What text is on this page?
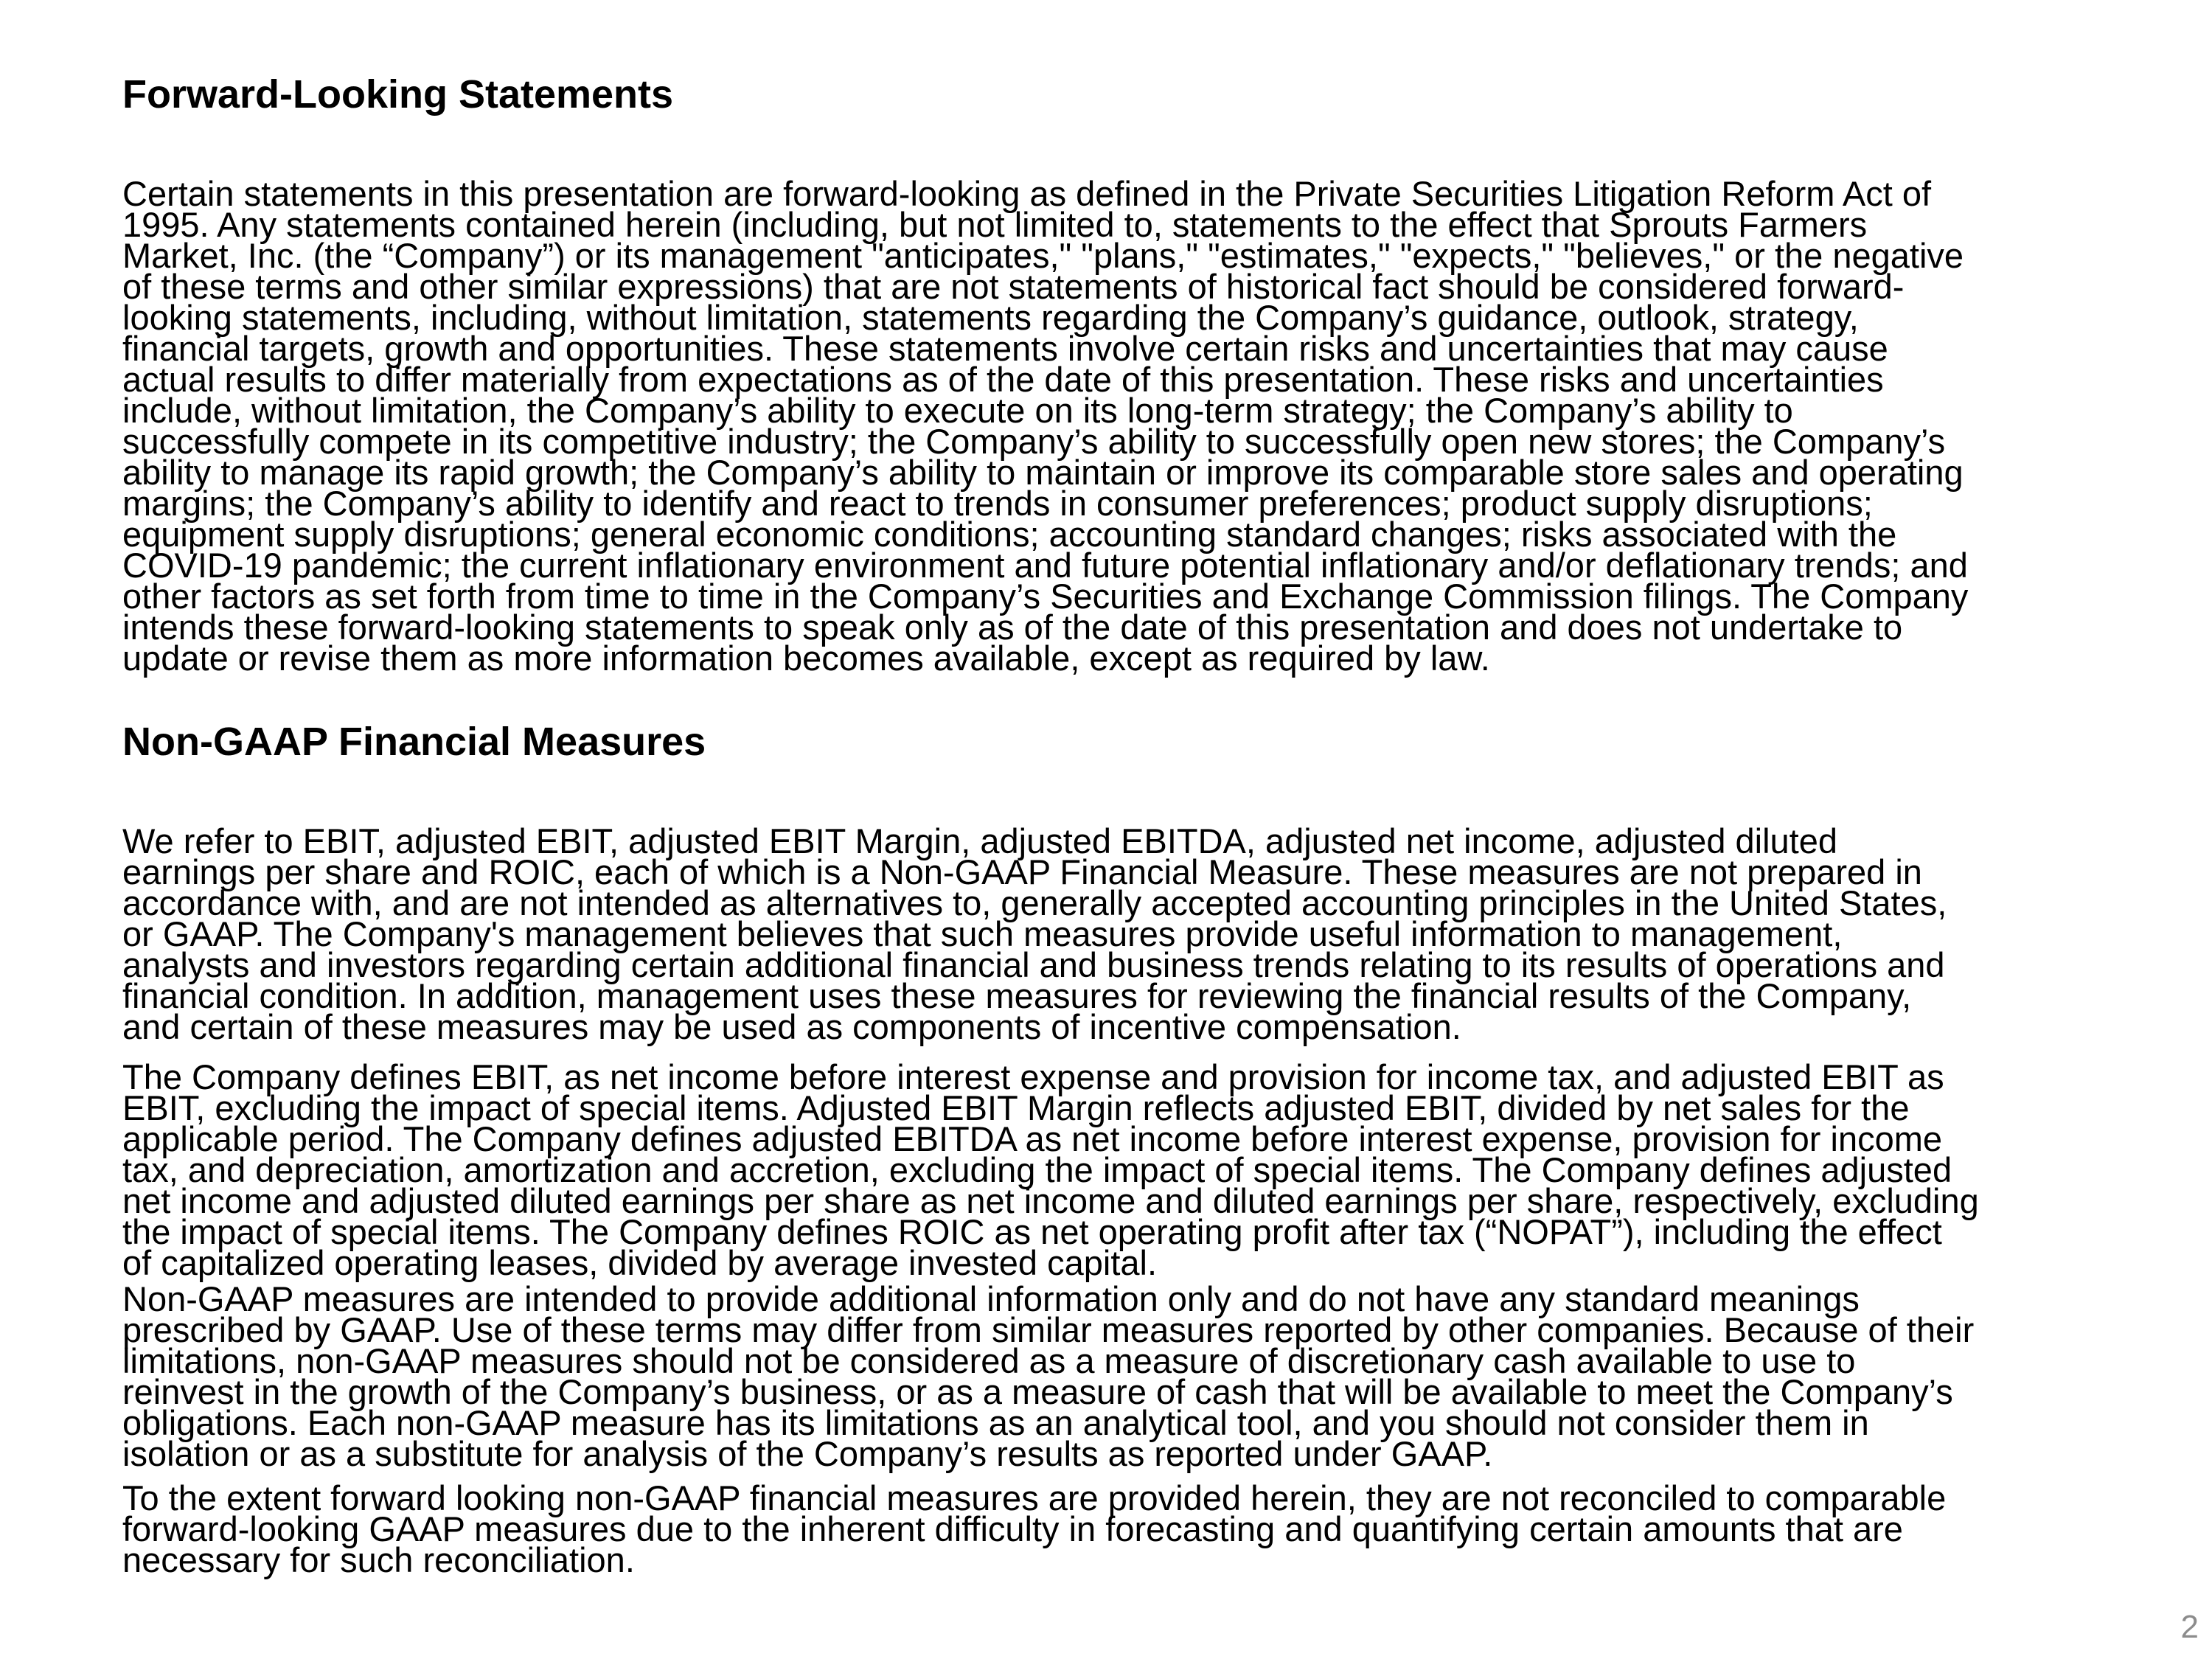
Forward-Looking Statements
Certain statements in this presentation are forward-looking as defined in the Private Securities Litigation Reform Act of
1995. Any statements contained herein (including, but not limited to, statements to the effect that Sprouts Farmers
Market, Inc. (the “Company”) or its management "anticipates," "plans," "estimates," "expects," "believes," or the negative
of these terms and other similar expressions) that are not statements of historical fact should be considered forward-
looking statements, including, without limitation, statements regarding the Company’s guidance, outlook, strategy,
financial targets, growth and opportunities. These statements involve certain risks and uncertainties that may cause
actual results to differ materially from expectations as of the date of this presentation. These risks and uncertainties
include, without limitation, the Company’s ability to execute on its long-term strategy; the Company’s ability to
successfully compete in its competitive industry; the Company’s ability to successfully open new stores; the Company’s
ability to manage its rapid growth; the Company’s ability to maintain or improve its comparable store sales and operating
margins; the Company’s ability to identify and react to trends in consumer preferences; product supply disruptions;
equipment supply disruptions; general economic conditions; accounting standard changes; risks associated with the
COVID-19 pandemic; the current inflationary environment and future potential inflationary and/or deflationary trends; and
other factors as set forth from time to time in the Company’s Securities and Exchange Commission filings. The Company
intends these forward-looking statements to speak only as of the date of this presentation and does not undertake to
update or revise them as more information becomes available, except as required by law.
Non-GAAP Financial Measures
We refer to EBIT, adjusted EBIT, adjusted EBIT Margin, adjusted EBITDA, adjusted net income, adjusted diluted
earnings per share and ROIC, each of which is a Non-GAAP Financial Measure. These measures are not prepared in
accordance with, and are not intended as alternatives to, generally accepted accounting principles in the United States,
or GAAP. The Company's management believes that such measures provide useful information to management,
analysts and investors regarding certain additional financial and business trends relating to its results of operations and
financial condition. In addition, management uses these measures for reviewing the financial results of the Company,
and certain of these measures may be used as components of incentive compensation.
The Company defines EBIT, as net income before interest expense and provision for income tax, and adjusted EBIT as
EBIT, excluding the impact of special items. Adjusted EBIT Margin reflects adjusted EBIT, divided by net sales for the
applicable period. The Company defines adjusted EBITDA as net income before interest expense, provision for income
tax, and depreciation, amortization and accretion, excluding the impact of special items. The Company defines adjusted
net income and adjusted diluted earnings per share as net income and diluted earnings per share, respectively, excluding
the impact of special items. The Company defines ROIC as net operating profit after tax (“NOPAT”), including the effect
of capitalized operating leases, divided by average invested capital.
Non-GAAP measures are intended to provide additional information only and do not have any standard meanings
prescribed by GAAP. Use of these terms may differ from similar measures reported by other companies. Because of their
limitations, non-GAAP measures should not be considered as a measure of discretionary cash available to use to
reinvest in the growth of the Company’s business, or as a measure of cash that will be available to meet the Company’s
obligations. Each non-GAAP measure has its limitations as an analytical tool, and you should not consider them in
isolation or as a substitute for analysis of the Company’s results as reported under GAAP.
To the extent forward looking non-GAAP financial measures are provided herein, they are not reconciled to comparable
forward-looking GAAP measures due to the inherent difficulty in forecasting and quantifying certain amounts that are
necessary for such reconciliation.
2
